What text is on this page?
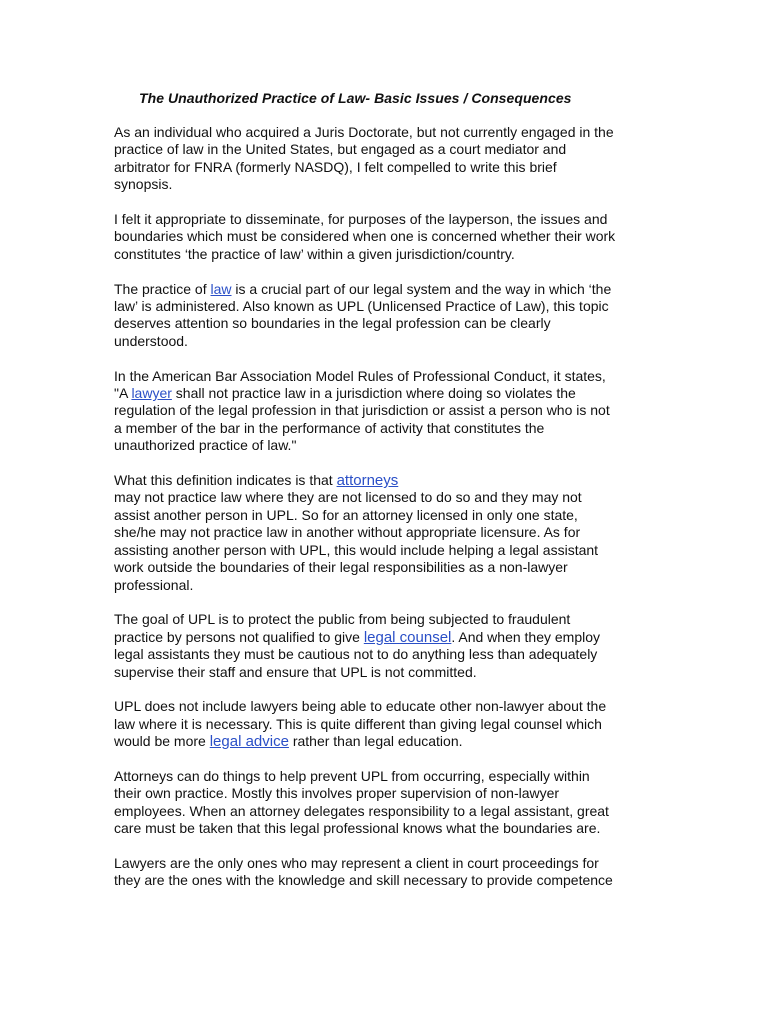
The Unauthorized Practice of Law- Basic Issues / Consequences

As an individual who acquired a Juris Doctorate, but not currently engaged in the
practice of law in the United States, but engaged as a court mediator and
arbitrator for FNRA (formerly NASDQ), I felt compelled to write this brief
synopsis.

I felt it appropriate to disseminate, for purposes of the layperson, the issues and
boundaries which must be considered when one is concerned whether their work
constitutes ‘the practice of law’ within a given jurisdiction/country.

The practice of law is a crucial part of our legal system and the way in which ‘the
law’ is administered. Also known as UPL (Unlicensed Practice of Law), this topic
deserves attention so boundaries in the legal profession can be clearly
understood.

In the American Bar Association Model Rules of Professional Conduct, it states,
"A lawyer shall not practice law in a jurisdiction where doing so violates the
regulation of the legal profession in that jurisdiction or assist a person who is not
a member of the bar in the performance of activity that constitutes the
unauthorized practice of law."

What this definition indicates is that attorneys
may not practice law where they are not licensed to do so and they may not
assist another person in UPL. So for an attorney licensed in only one state,
she/he may not practice law in another without appropriate licensure. As for
assisting another person with UPL, this would include helping a legal assistant
work outside the boundaries of their legal responsibilities as a non-lawyer
professional.

The goal of UPL is to protect the public from being subjected to fraudulent
practice by persons not qualified to give legal counsel. And when they employ
legal assistants they must be cautious not to do anything less than adequately
supervise their staff and ensure that UPL is not committed.

UPL does not include lawyers being able to educate other non-lawyer about the
law where it is necessary. This is quite different than giving legal counsel which
would be more legal advice rather than legal education.

Attorneys can do things to help prevent UPL from occurring, especially within
their own practice. Mostly this involves proper supervision of non-lawyer
employees. When an attorney delegates responsibility to a legal assistant, great
care must be taken that this legal professional knows what the boundaries are.

Lawyers are the only ones who may represent a client in court proceedings for
they are the ones with the knowledge and skill necessary to provide competence
